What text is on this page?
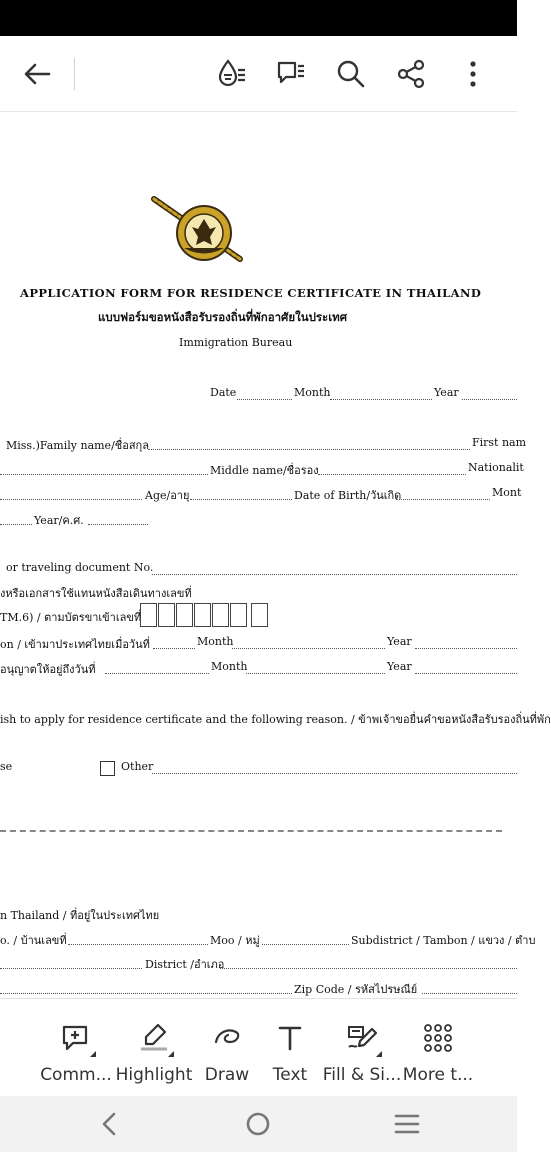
APPLICATION FORM FOR RESIDENCE CERTIFICATE IN THAILAND
แบบฟอร์มขอหนังสือรับรองถิ่นที่พักอาศัยในประเทศ
Immigration Bureau
Date	Month	Year
Miss.)Family name/ชื่อสกุล	First nam
Middle name/ชื่อรอง	Nationalit
Age/อายุ	Date of Birth/วันเกิด	Mont
Year/ค.ศ.
or traveling document No.
งหรือเอกสารใช้แทนหนังสือเดินทางเลขที่
TM.6) / ตามบัตรขาเข้าเลขที่
on / เข้ามาประเทศไทยเมื่อวันที่	Month	Year
อนุญาตให้อยู่ถึงวันที่	Month	Year
ish to apply for residence certificate and the following reason. / ข้าพเจ้าขอยื่นคำขอหนังสือรับรองถิ่นที่พัก
se	Other
n Thailand / ที่อยู่ในประเทศไทย
o. / บ้านเลขที่	Moo / หมู่	Subdistrict / Tambon / แขวง / ตำบ
District /อำเภอ
Zip Code / รหัสไปรษณีย์
Comm... Highlight Draw Text Fill & Si... More t...
